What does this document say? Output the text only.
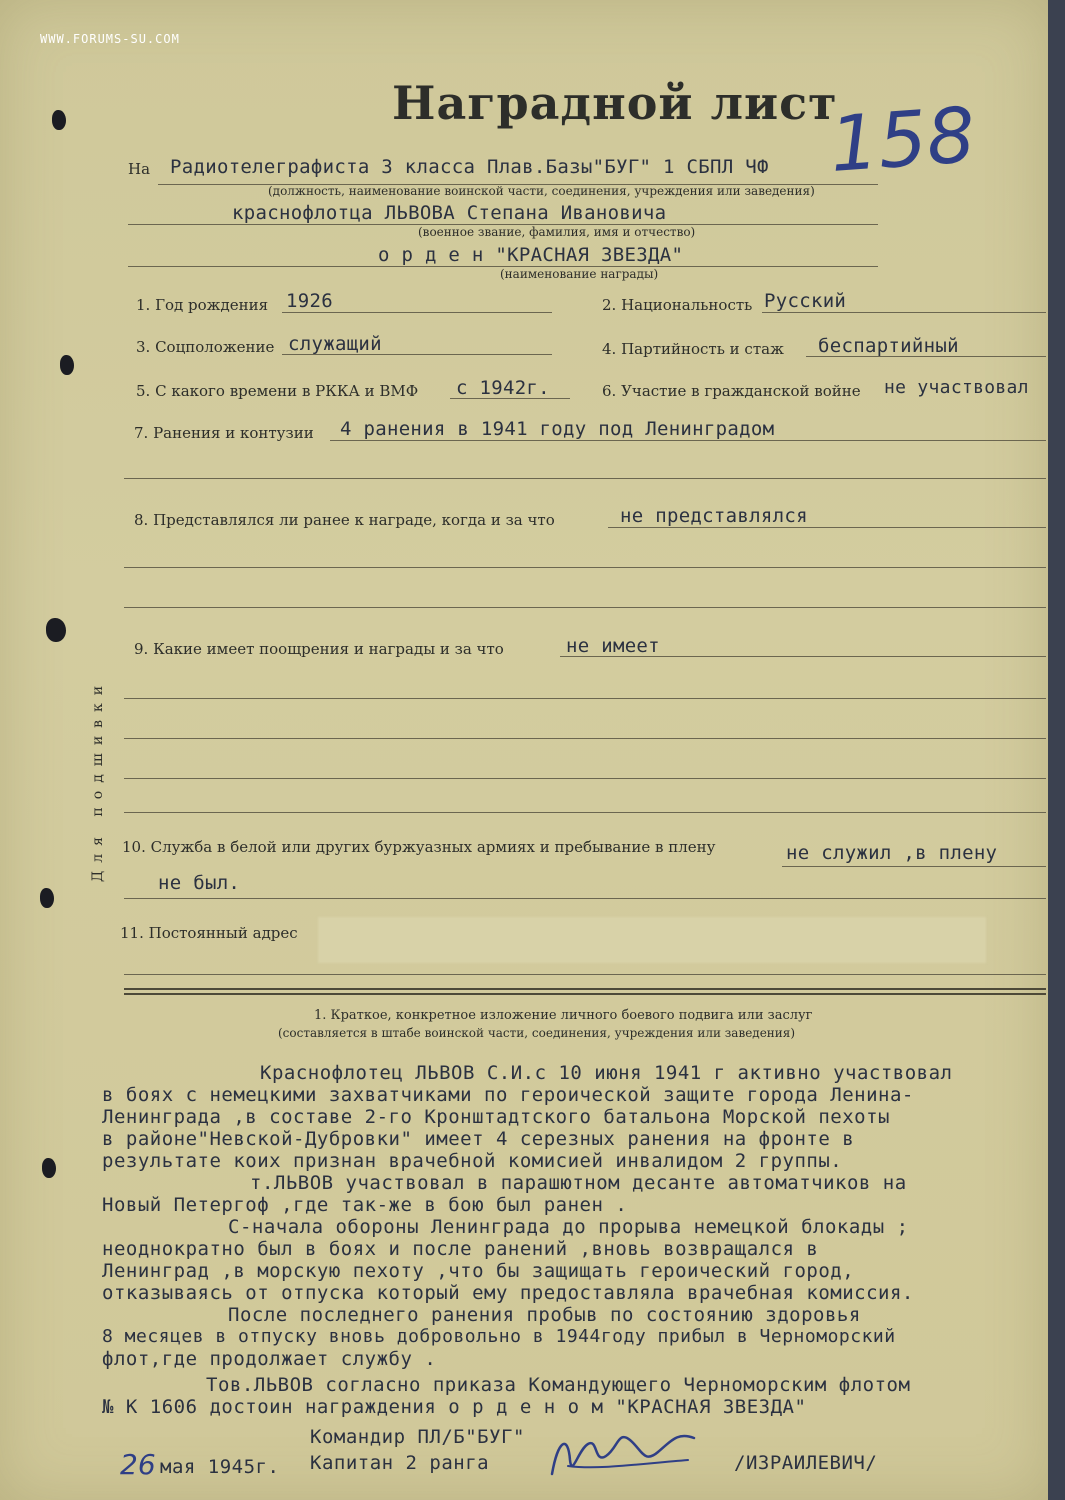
WWW.FORUMS-SU.COM
158
Наградной лист
На Радиотелеграфиста 3 класса Плав.Базы"БУГ" 1 СБПЛ ЧФ
(должность, наименование воинской части, соединения, учреждения или заведения)
краснофлотца ЛЬВОВА Степана Ивановича
(военное звание, фамилия, имя и отчество)
о р д е н "КРАСНАЯ ЗВЕЗДА"
(наименование награды)
1. Год рождения 1926	2. Национальность Русский
3. Соцположение служащий	4. Партийность и стаж беспартийный
5. С какого времени в РККА и ВМФ с 1942г.	6. Участие в гражданской войне не участвовал
7. Ранения и контузии 4 ранения в 1941 году под Ленинградом
8. Представлялся ли ранее к награде, когда и за что	не представлялся
9. Какие имеет поощрения и награды и за что	не имеет
10. Служба в белой или других буржуазных армиях и пребывание в плену	не служил ,в плену
не был.
11. Постоянный адрес
Для подшивки
1. Краткое, конкретное изложение личного боевого подвига или заслуг
(составляется в штабе воинской части, соединения, учреждения или заведения)
Краснофлотец ЛЬВОВ С.И.с 10 июня 1941 г активно участвовал
в боях с немецкими захватчиками по героической защите города Ленина-
Ленинграда ,в составе 2-го Кронштадтского батальона Морской пехоты
в районе"Невской-Дубровки" имеет 4 серезных ранения на фронте в
результате коих признан врачебной комисией инвалидом 2 группы.
т.ЛЬВОВ участвовал в парашютном десанте автоматчиков на
Новый Петергоф ,где так-же в бою был ранен .
С-начала обороны Ленинграда до прорыва немецкой блокады ;
неоднократно был в боях и после ранений ,вновь возвращался в
Ленинград ,в морскую пехоту ,что бы защищать героический город,
отказываясь от отпуска который ему предоставляла врачебная комиссия.
После последнего ранения пробыв по состоянию здоровья
8 месяцев в отпуску вновь добровольно в 1944году прибыл в Черноморский
флот,где продолжает службу .
Тов.ЛЬВОВ согласно приказа Командующего Черноморским флотом
№ К 1606 достоин награждения о р д е н о м "КРАСНАЯ ЗВЕЗДА"
Командир ПЛ/Б"БУГ"
Капитан 2 ранга
26 мая 1945г.	/ИЗРАИЛЕВИЧ/
